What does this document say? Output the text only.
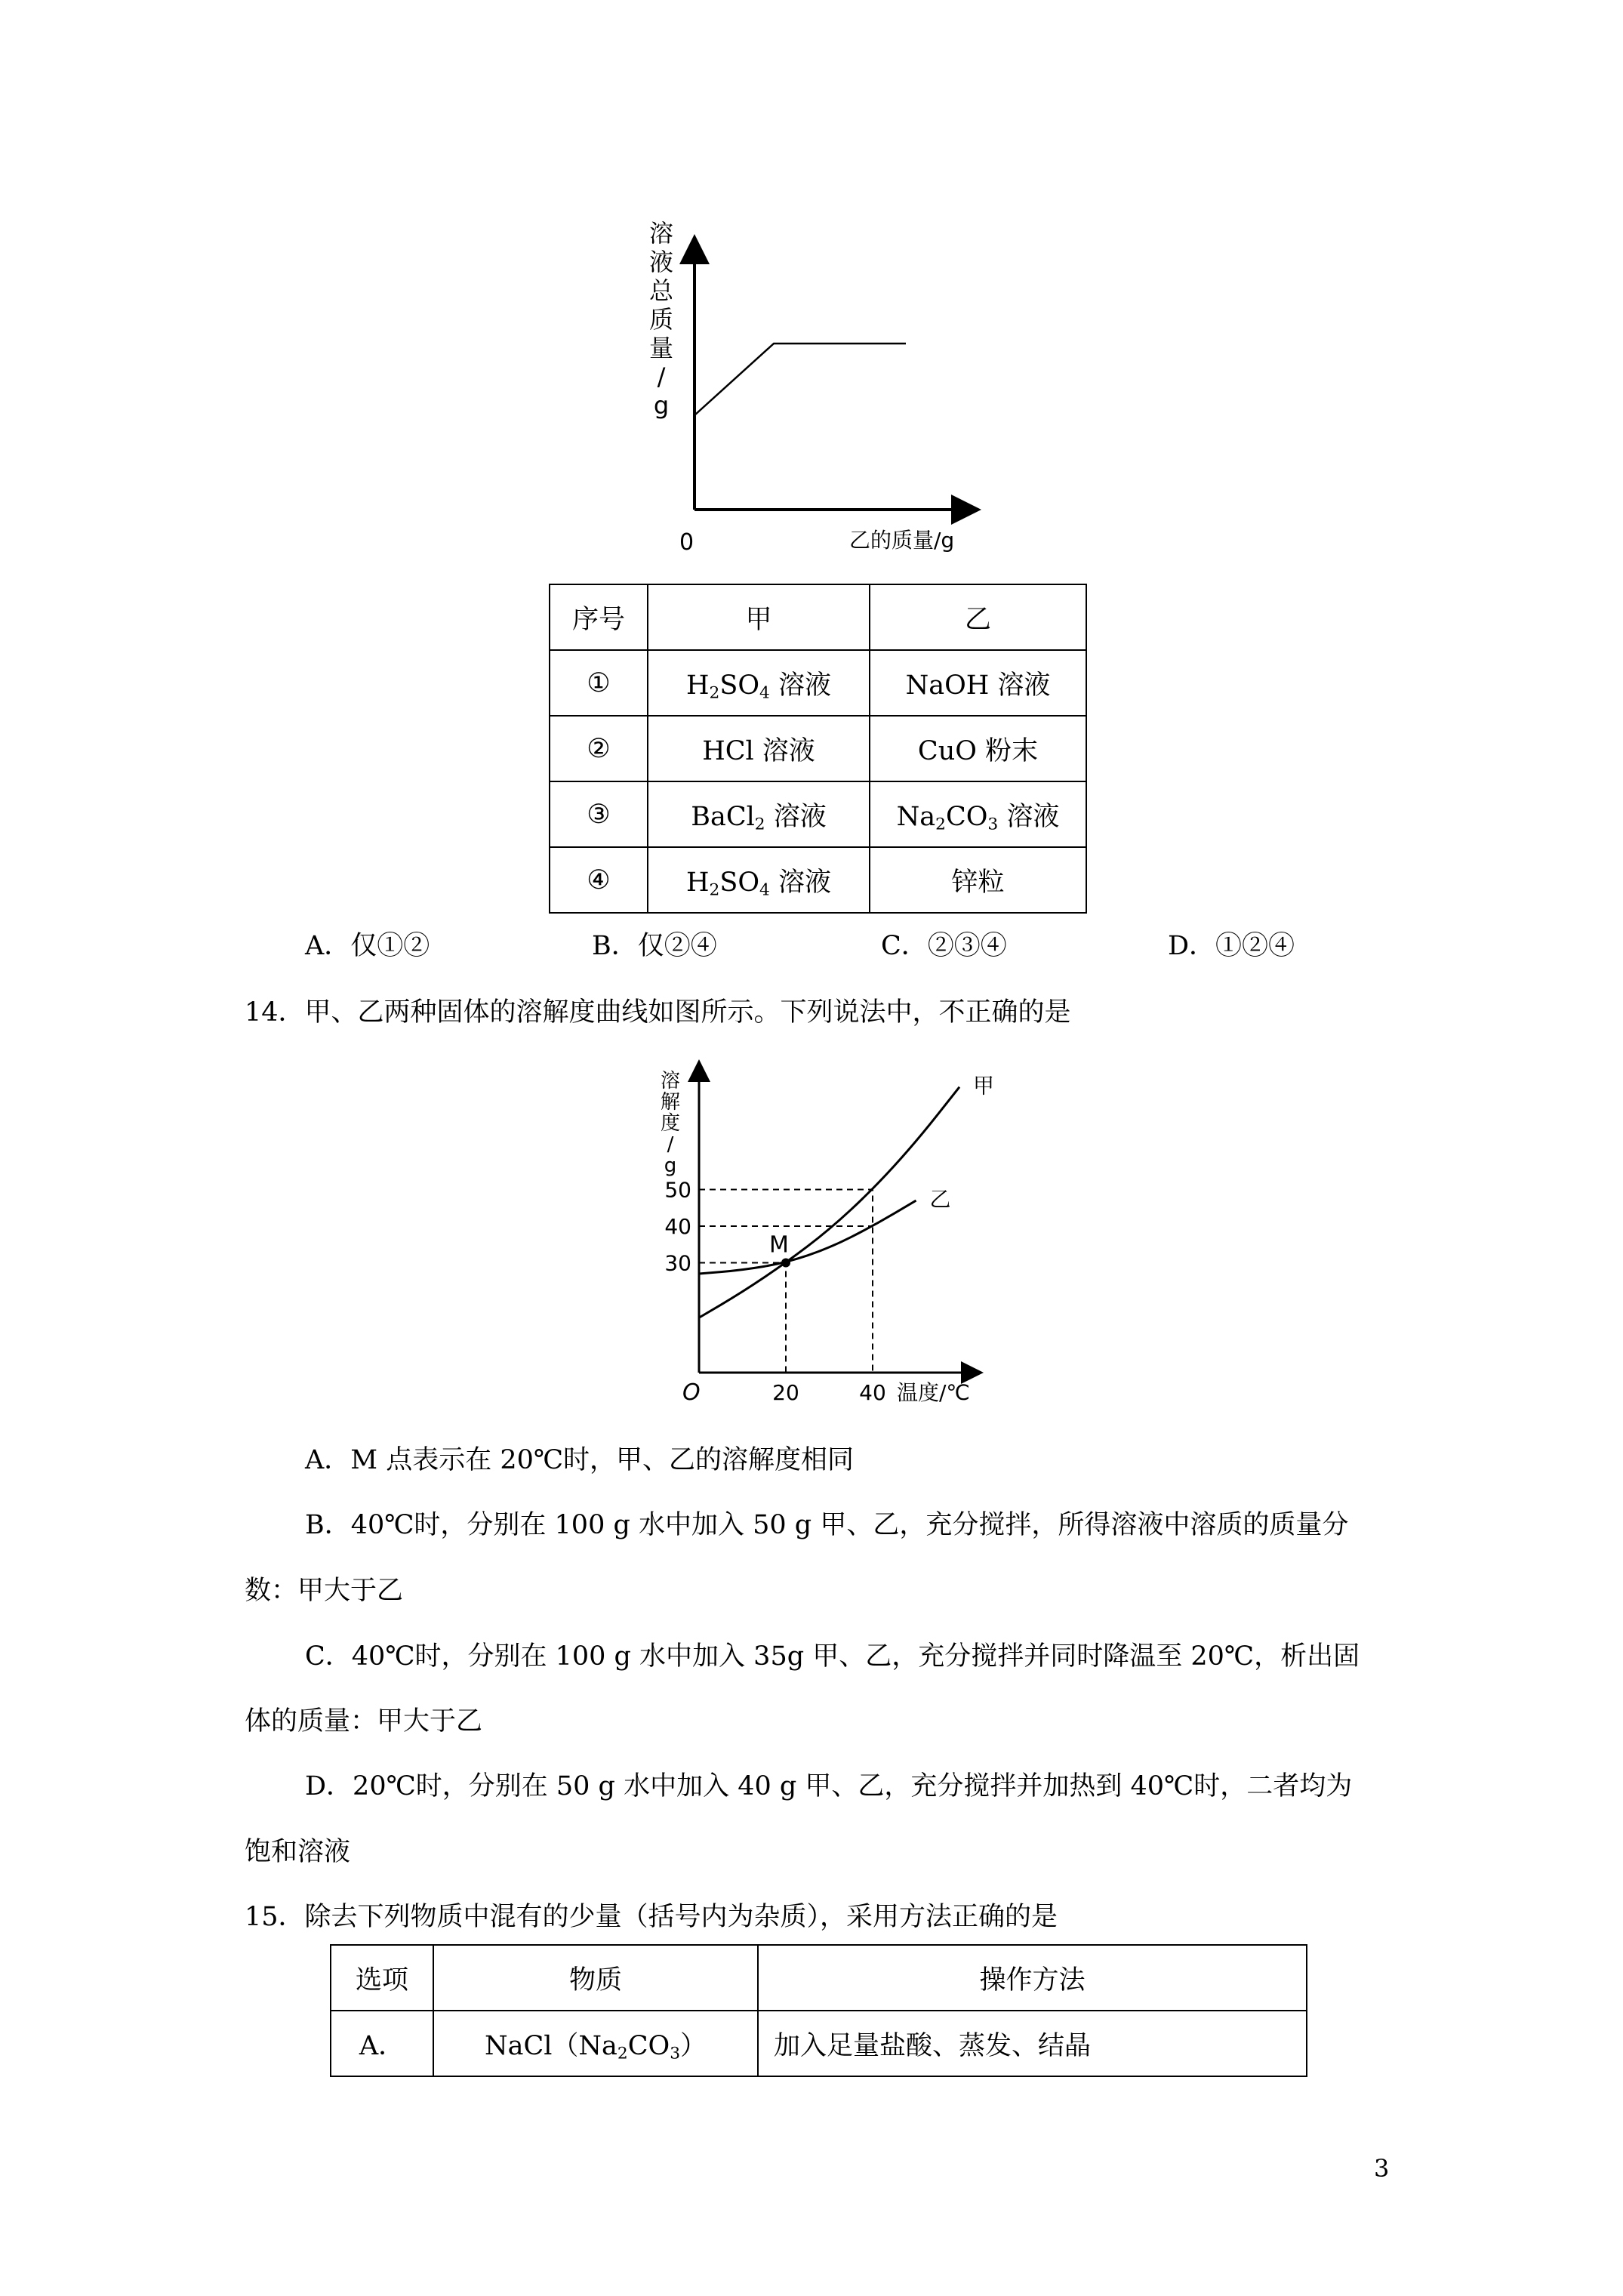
0	乙的质量/g
溶
液
总
质
量
/
g
序号	甲	乙
①	$H_2SO_4$ 溶液	NaOH 溶液
②	HCl 溶液	CuO 粉末
③	BaCl$_2$ 溶液	$Na_2CO_3$ 溶液
④	$H_2SO_4$ 溶液	锌粒
A．仅①②	B．仅②④	C．②③④	D．①②④
14．甲、乙两种固体的溶解度曲线如图所示。下列说法中，不正确的是
溶
解
度
/
g
甲
乙
M
30
40
50
20	40
O	温度/℃
A．M 点表示在 20℃时，甲、乙的溶解度相同
B．40℃时，分别在 100 g 水中加入 50 g 甲、乙，充分搅拌，所得溶液中溶质的质量分
数：甲大于乙
C．40℃时，分别在 100 g 水中加入 35g 甲、乙，充分搅拌并同时降温至 20℃，析出固
体的质量：甲大于乙
D．20℃时，分别在 50 g 水中加入 40 g 甲、乙，充分搅拌并加热到 40℃时，二者均为
饱和溶液
15．除去下列物质中混有的少量（括号内为杂质），采用方法正确的是
选项	物质	操作方法
A．	$NaCl(Na_2CO_3)$	加入足量盐酸、蒸发、结晶
3
